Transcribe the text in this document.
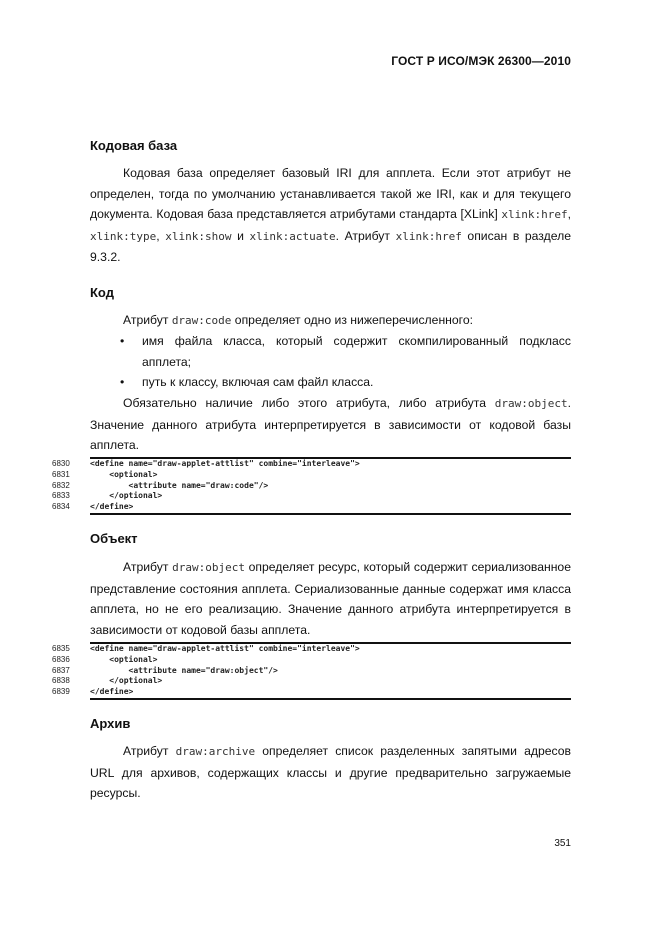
ГОСТ Р ИСО/МЭК 26300—2010
Кодовая база
Кодовая база определяет базовый IRI для апплета. Если этот атрибут не определен, тогда по умолчанию устанавливается такой же IRI, как и для текущего документа. Кодовая база представляется атрибутами стандарта [XLink] xlink:href, xlink:type, xlink:show и xlink:actuate. Атрибут xlink:href описан в разделе 9.3.2.
Код
Атрибут draw:code определяет одно из нижеперечисленного:
• имя файла класса, который содержит скомпилированный подкласс апплета;
• путь к классу, включая сам файл класса.
Обязательно наличие либо этого атрибута, либо атрибута draw:object. Значение данного атрибута интерпретируется в зависимости от кодовой базы апплета.
6830	<define name="draw-applet-attlist" combine="interleave">
6831	<optional>
6832	<attribute name="draw:code"/>
6833	</optional>
6834	</define>
Объект
Атрибут draw:object определяет ресурс, который содержит сериализованное представление состояния апплета. Сериализованные данные содержат имя класса апплета, но не его реализацию. Значение данного атрибута интерпретируется в зависимости от кодовой базы апплета.
6835	<define name="draw-applet-attlist" combine="interleave">
6836	<optional>
6837	<attribute name="draw:object"/>
6838	</optional>
6839	</define>
Архив
Атрибут draw:archive определяет список разделенных запятыми адресов URL для архивов, содержащих классы и другие предварительно загружаемые ресурсы.
351
